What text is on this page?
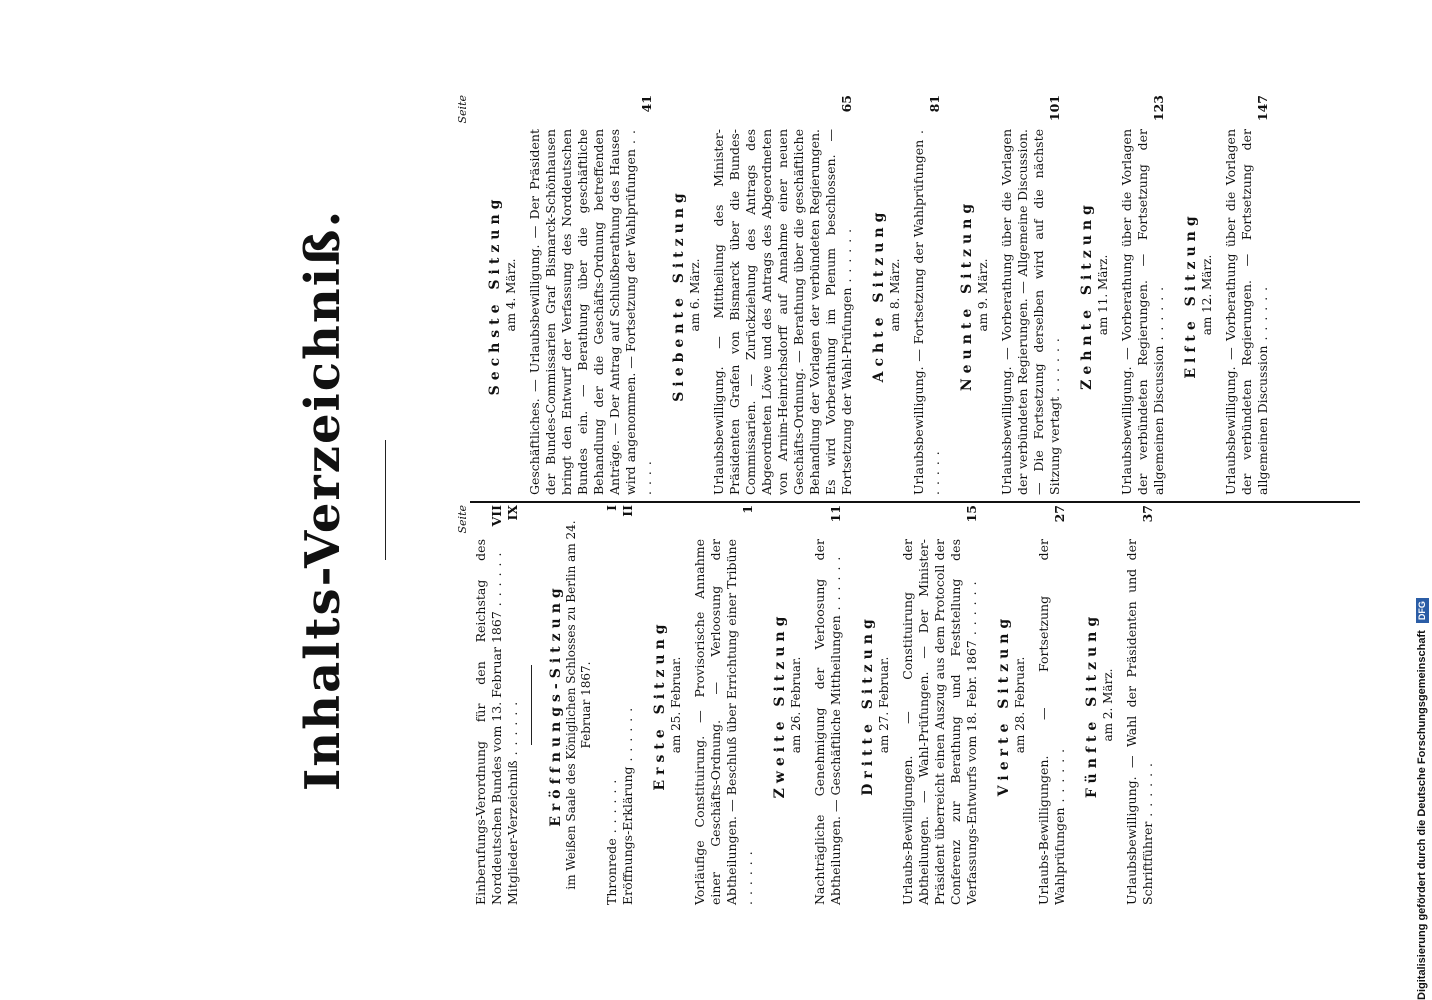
Inhalts-Verzeichniß.	Seite
Einberufungs-Verordnung für den Reichstag des Norddeutschen Bundes vom 13. Februar 1867 . . .
VII
Mitglieder-Verzeichniß . . .
IX
Eröffnungs-Sitzung im Weißen Saale des Königlichen Schlosses zu Berlin am 24. Februar 1867.
Thronrede . . .
I
Eröffnungs-Erklärung . . .
II
Erste Sitzung am 25. Februar. Vorläufige Constituirung. — Provisorische Annahme einer Geschäfts-Ordnung. — Verloosung der Abtheilungen. — Beschluß über Errichtung einer Tribüne . . .
1
Zweite Sitzung am 26. Februar. Nachträgliche Genehmigung der Verloosung der Abtheilungen. — Geschäftliche Mittheilungen . . .
11
Dritte Sitzung am 27. Februar. Urlaubs-Bewilligungen. — Constituirung der Abtheilungen. — Wahl-Prüfungen. — Der Minister-Präsident überreicht einen Auszug aus dem Protocoll der Conferenz zur Berathung und Feststellung des Verfassungs-Entwurfs vom 18. Febr. 1867 . . .
15
Vierte Sitzung am 28. Februar. Urlaubs-Bewilligungen. — Fortsetzung der Wahlprüfungen . . .
27
Fünfte Sitzung am 2. März. Urlaubsbewilligung. — Wahl der Präsidenten und der Schriftführer . . .
37
Seite
Sechste Sitzung am 4. März. Geschäftliches. — Urlaubsbewilligung. — Der Präsident der Bundes-Commissarien Graf Bismarck-Schönhausen bringt den Entwurf der Verfassung des Norddeutschen Bundes ein. — Berathung über die geschäftliche Behandlung der die Geschäfts-Ordnung betreffenden Anträge. — Der Antrag auf Schlußberathung des Hauses wird angenommen. — Fortsetzung der Wahlprüfungen . . .
41
Siebente Sitzung am 6. März. Urlaubsbewilligung. — Mittheilung des Minister-Präsidenten Grafen von Bismarck über die Bundes-Commissarien. — Zurückziehung des Antrags des Abgeordneten Löwe und des Antrags des Abgeordneten von Arnim-Heinrichsdorff auf Annahme einer neuen Geschäfts-Ordnung. — Berathung über die geschäftliche Behandlung der Vorlagen der verbündeten Regierungen. Es wird Vorberathung im Plenum beschlossen. — Fortsetzung der Wahl-Prüfungen . . .
65
Achte Sitzung am 8. März. Urlaubsbewilligung. — Fortsetzung der Wahlprüfungen . . .
81
Neunte Sitzung am 9. März. Urlaubsbewilligung. — Vorberathung über die Vorlagen der verbündeten Regierungen. — Allgemeine Discussion. — Die Fortsetzung derselben wird auf die nächste Sitzung vertagt . . .
101
Zehnte Sitzung am 11. März. Urlaubsbewilligung. — Vorberathung über die Vorlagen der verbündeten Regierungen. — Fortsetzung der allgemeinen Discussion . . .
123
Elfte Sitzung am 12. März. Urlaubsbewilligung. — Vorberathung über die Vorlagen der verbündeten Regierungen. — Fortsetzung der allgemeinen Discussion . . .
147
Digitalisierung gefördert durch die Deutsche Forschungsgemeinschaft DFG
